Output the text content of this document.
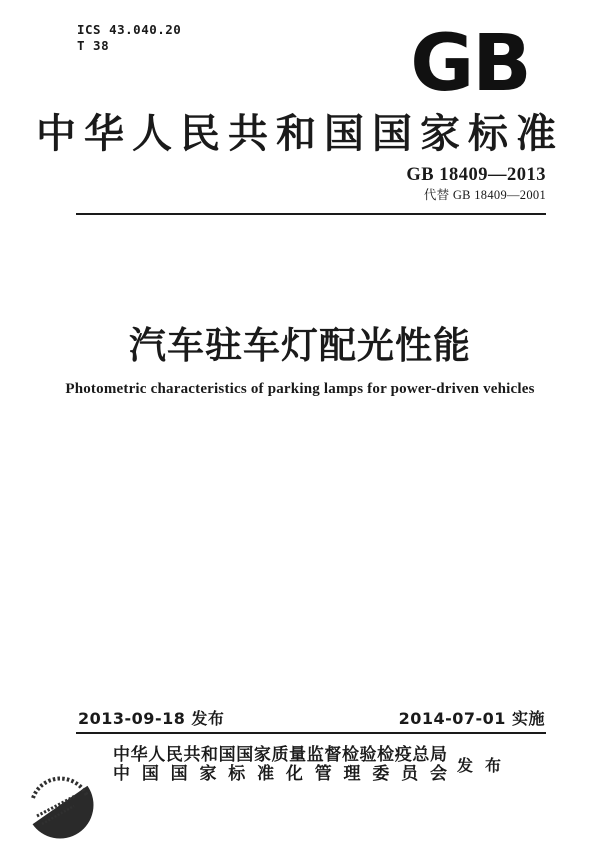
ICS 43.040.20
T 38	GB
中华人民共和国国家标准
GB 18409—2013
代替 GB 18409—2001
汽车驻车灯配光性能
Photometric characteristics of parking lamps for power-driven vehicles
2013-09-18 发布	2014-07-01 实施
中华人民共和国国家质量监督检验检疫总局
中国国家标准化管理委员会 发布
